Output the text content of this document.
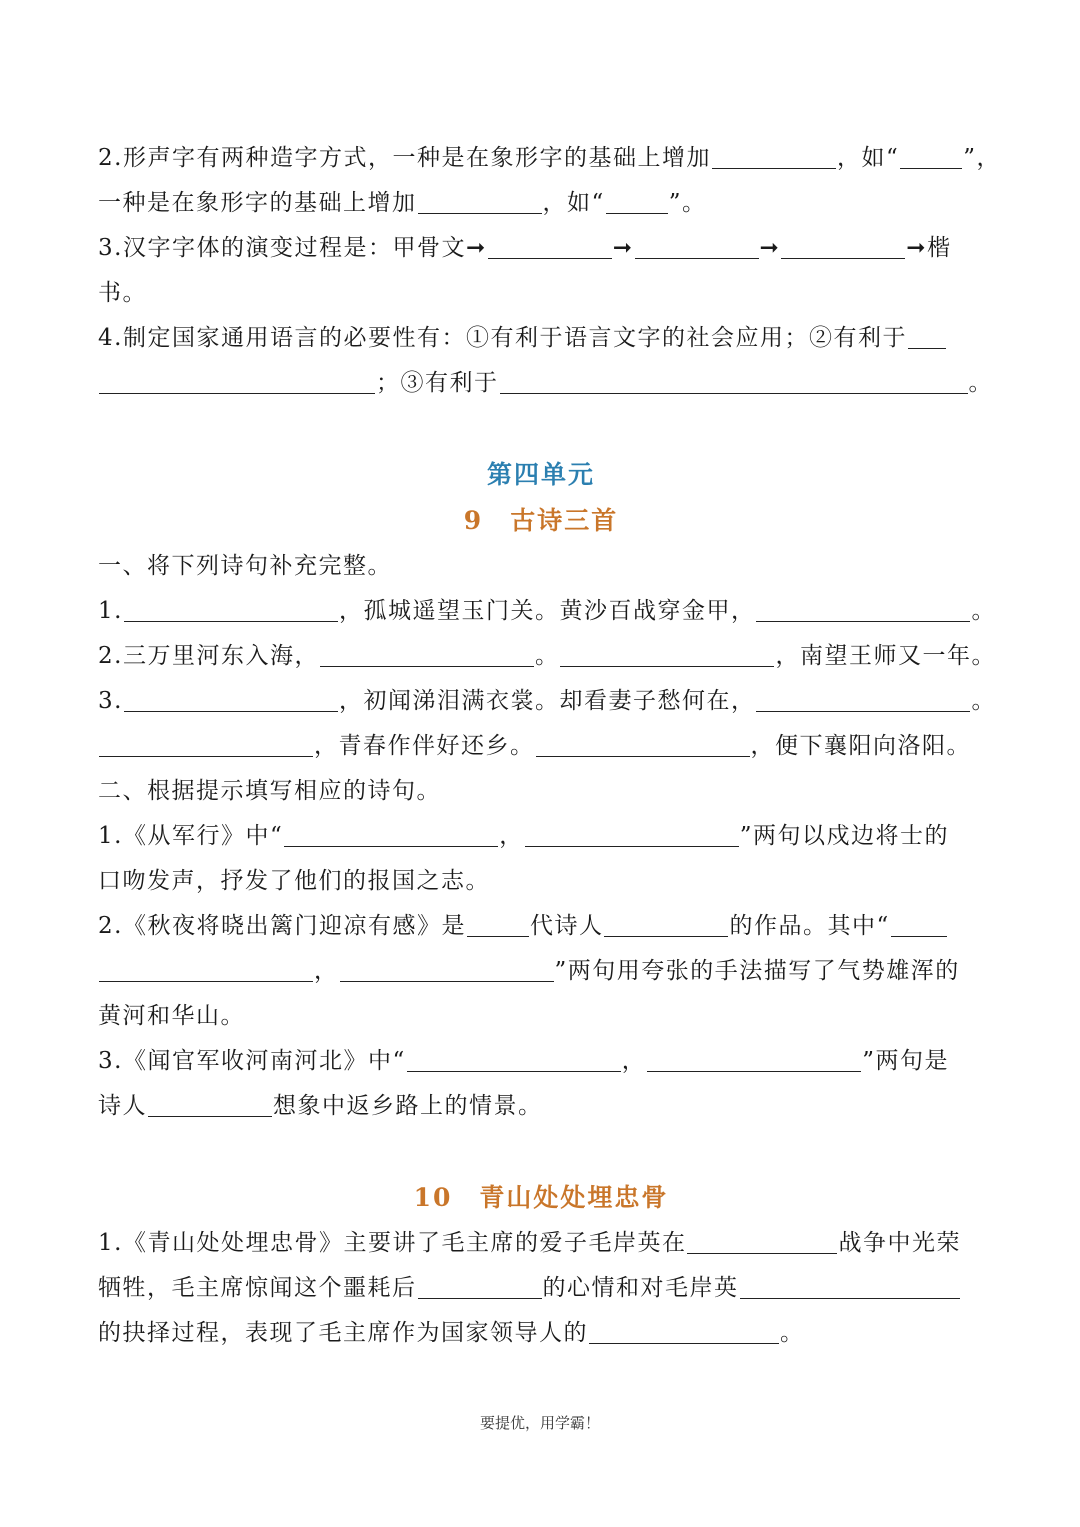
2.形声字有两种造字方式，一种是在象形字的基础上增加	，如“	”，
一种是在象形字的基础上增加	，如“	”。
3.汉字字体的演变过程是：甲骨文➞	➞	➞	➞楷
书。
4.制定国家通用语言的必要性有：①有利于语言文字的社会应用；②有利于
；③有利于	。
第四单元
9　古诗三首
一、将下列诗句补充完整。
1.	，孤城遥望玉门关。黄沙百战穿金甲，	。
2.三万里河东入海，	。	，南望王师又一年。
3.	，初闻涕泪满衣裳。却看妻子愁何在，	。
，青春作伴好还乡。	，便下襄阳向洛阳。
二、根据提示填写相应的诗句。
1.《从军行》中“	，	”两句以戍边将士的
口吻发声，抒发了他们的报国之志。
2.《秋夜将晓出篱门迎凉有感》是	代诗人	的作品。其中“
，	”两句用夸张的手法描写了气势雄浑的
黄河和华山。
3.《闻官军收河南河北》中“	，	”两句是
诗人	想象中返乡路上的情景。
10　青山处处埋忠骨
1.《青山处处埋忠骨》主要讲了毛主席的爱子毛岸英在	战争中光荣
牺牲，毛主席惊闻这个噩耗后	的心情和对毛岸英
的抉择过程，表现了毛主席作为国家领导人的	。
要提优，用学霸！
